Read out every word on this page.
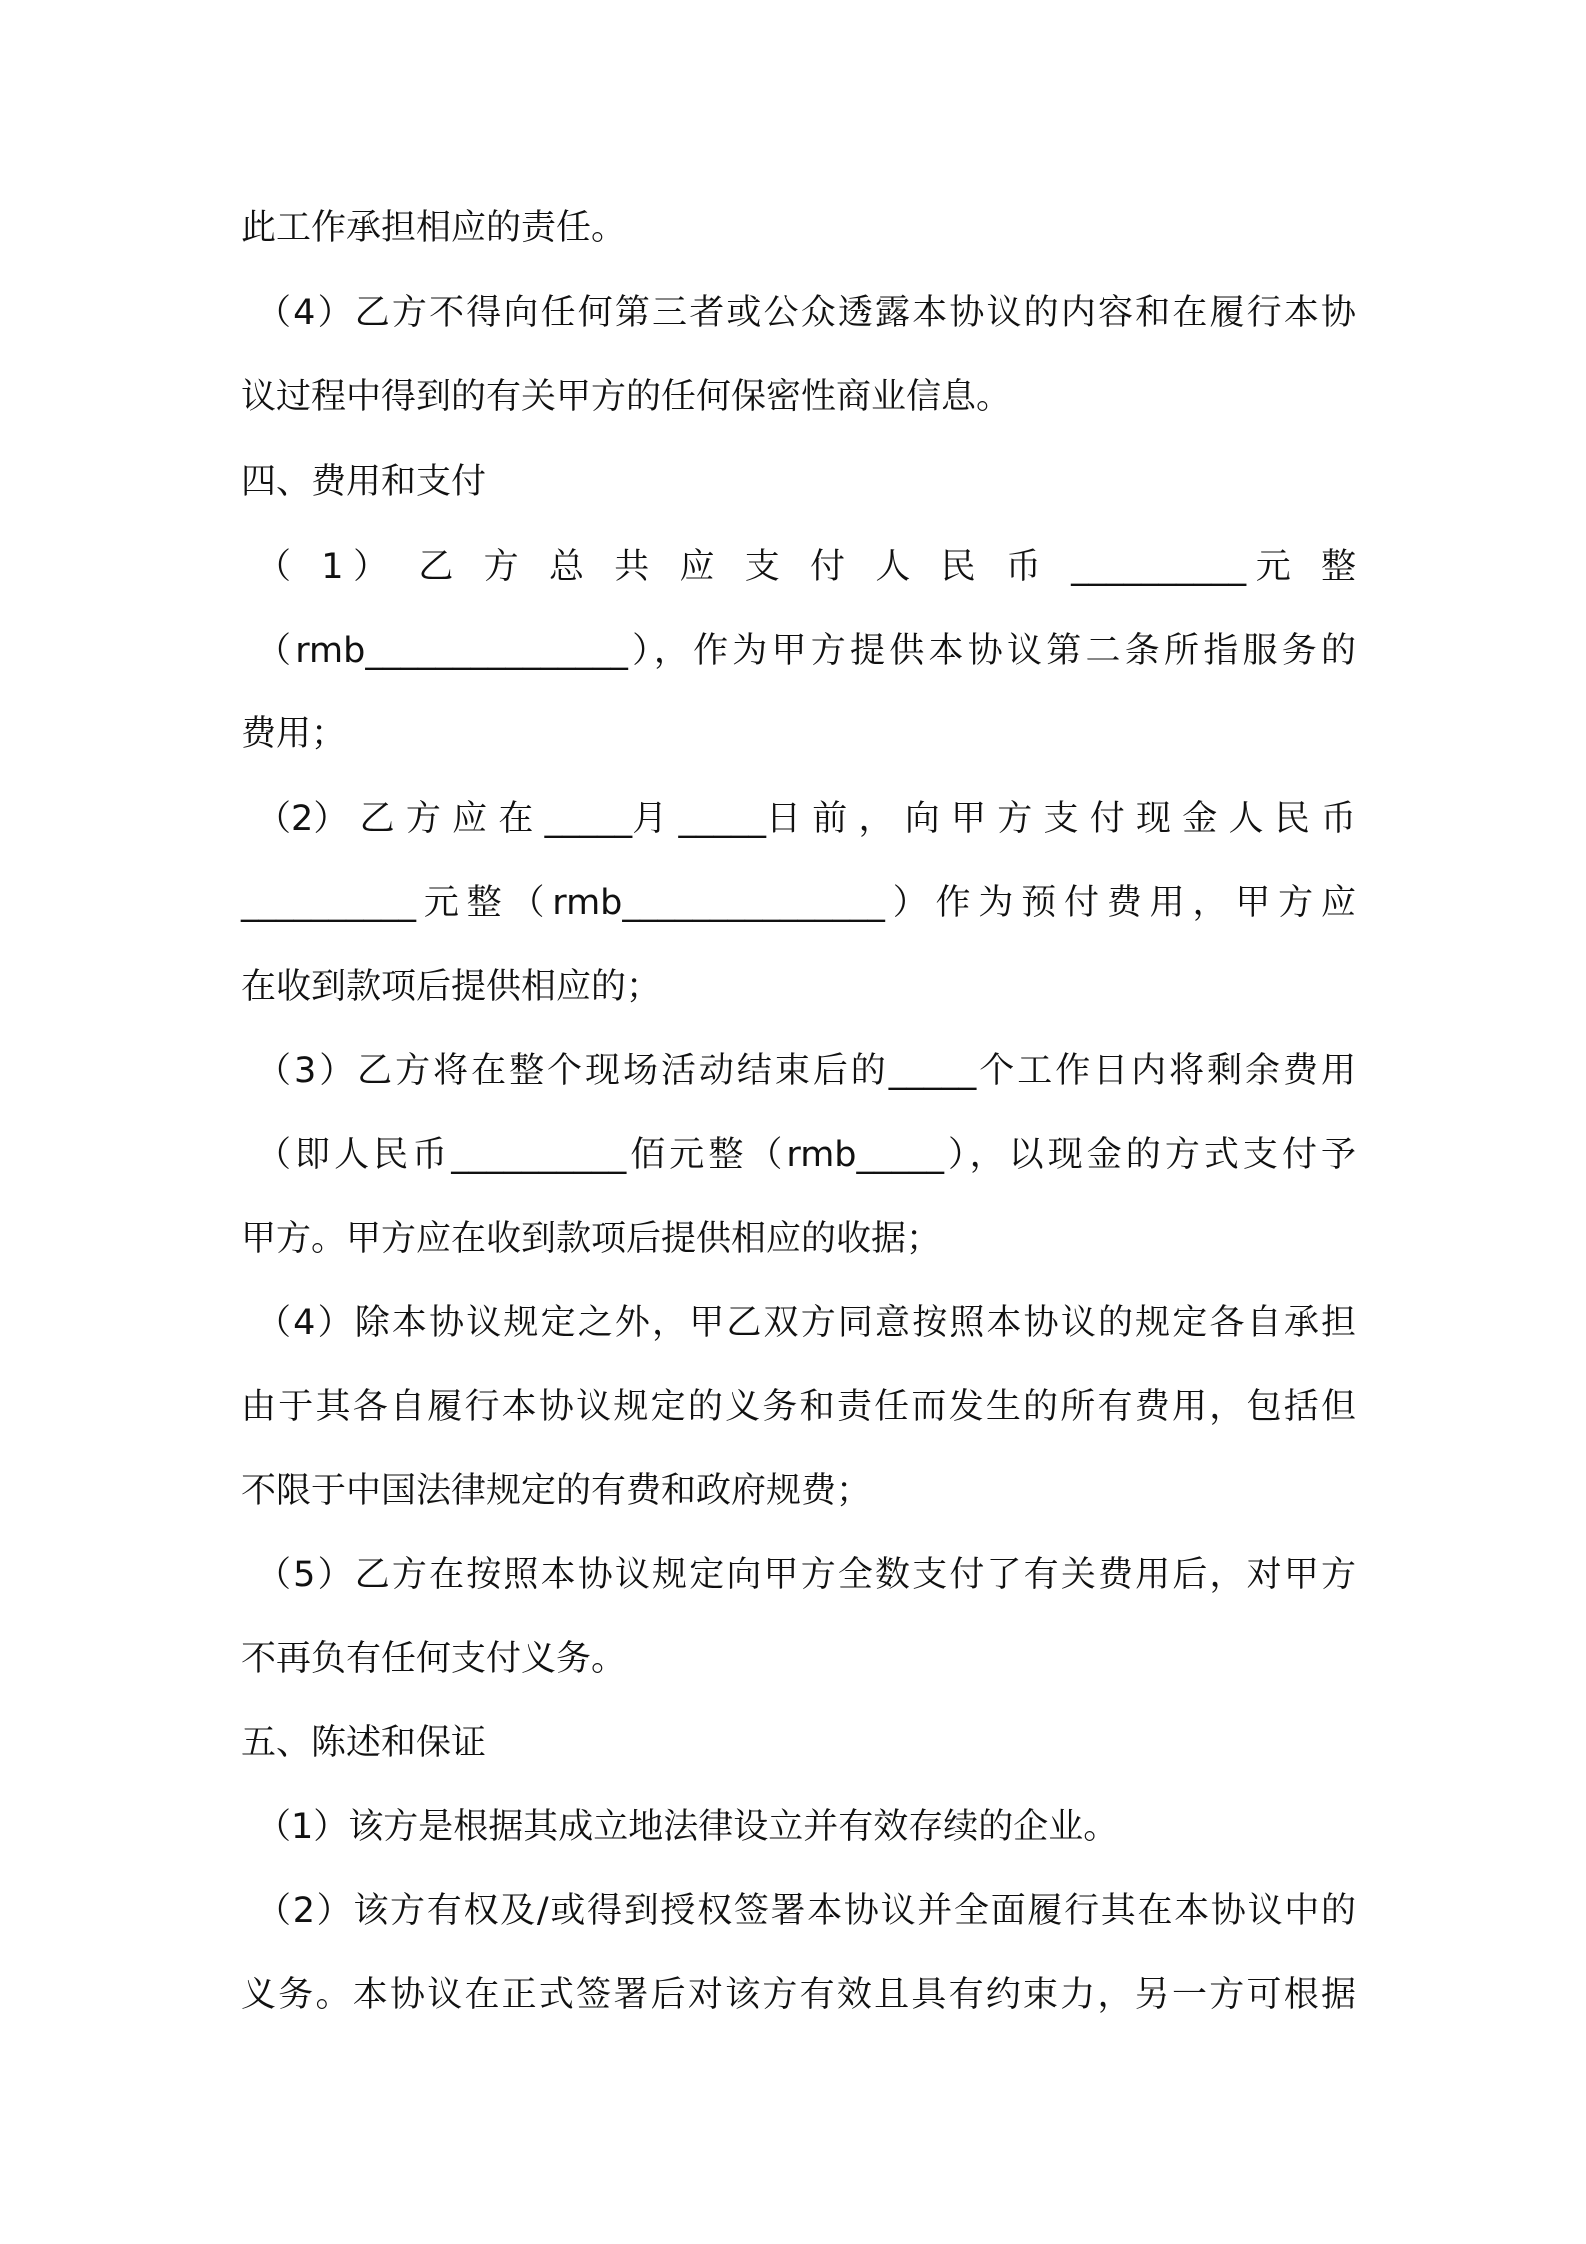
此工作承担相应的责任。
（4）乙方不得向任何第三者或公众透露本协议的内容和在履行本协
议过程中得到的有关甲方的任何保密性商业信息。
四、费用和支付
（ 1） 乙 方 总 共 应 支 付 人 民 币 __________元 整
（rmb_______________），作为甲方提供本协议第二条所指服务的
费用；
（2） 乙 方 应 在 _____月 _____日 前 ， 向 甲 方 支 付 现 金 人 民 币
__________元整（rmb_______________）作为预付费用，甲方应
在收到款项后提供相应的；
（3）乙方将在整个现场活动结束后的_____个工作日内将剩余费用
（即人民币__________佰元整（rmb_____），以现金的方式支付予
甲方。甲方应在收到款项后提供相应的收据；
（4）除本协议规定之外，甲乙双方同意按照本协议的规定各自承担
由于其各自履行本协议规定的义务和责任而发生的所有费用，包括但
不限于中国法律规定的有费和政府规费；
（5）乙方在按照本协议规定向甲方全数支付了有关费用后，对甲方
不再负有任何支付义务。
五、陈述和保证
（1）该方是根据其成立地法律设立并有效存续的企业。
（2）该方有权及/或得到授权签署本协议并全面履行其在本协议中的
义务。本协议在正式签署后对该方有效且具有约束力，另一方可根据
